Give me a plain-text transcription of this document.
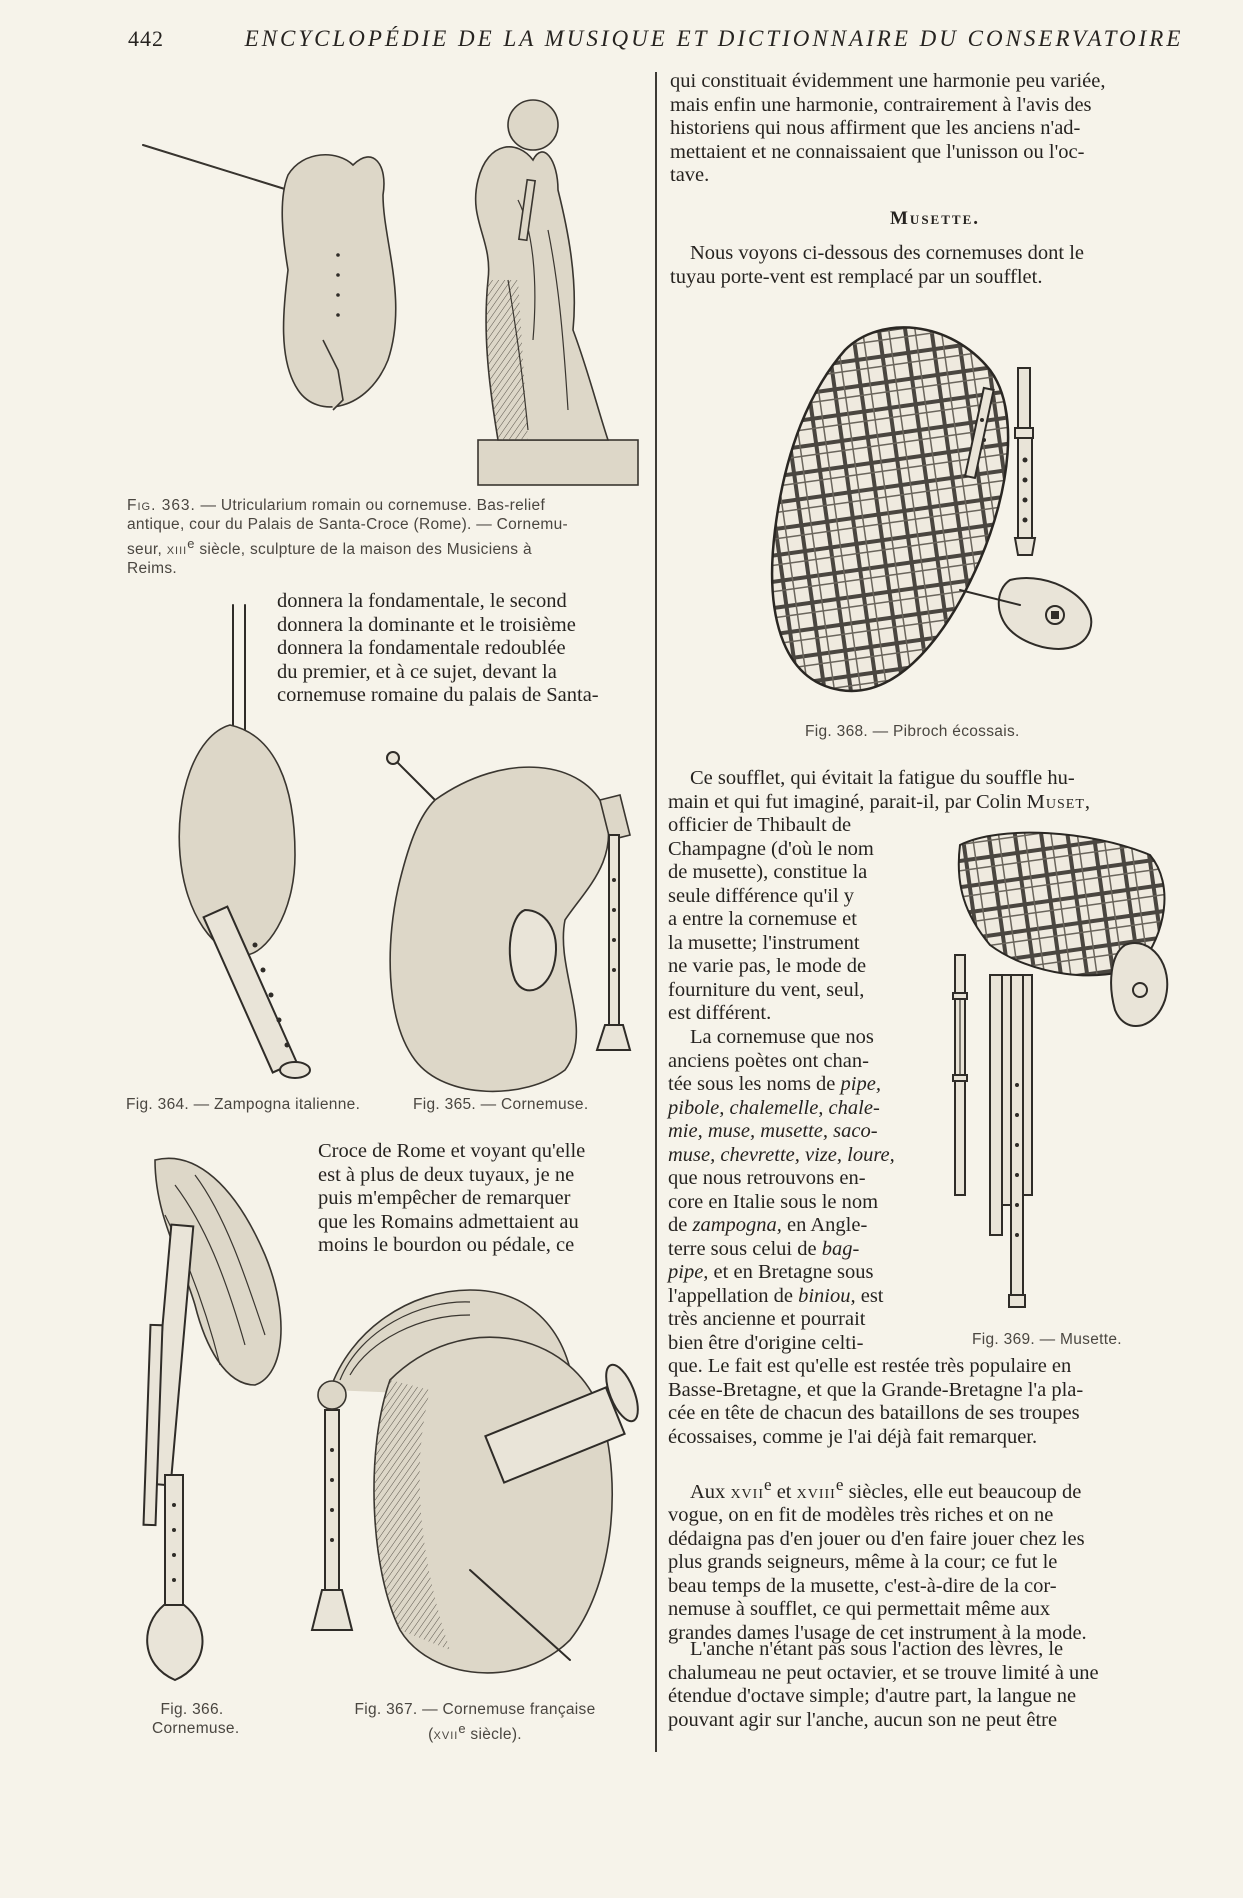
442	ENCYCLOPÉDIE DE LA MUSIQUE ET DICTIONNAIRE DU CONSERVATOIRE
qui constituait évidemment une harmonie peu variée,
mais enfin une harmonie, contrairement à l'avis des
historiens qui nous affirment que les anciens n'ad-
mettaient et ne connaissaient que l'unisson ou l'oc-
tave.
Musette.
Nous voyons ci-dessous des cornemuses dont le
tuyau porte-vent est remplacé par un soufflet.
Fig. 368. — Pibroch écossais.
Ce soufflet, qui évitait la fatigue du souffle hu-
main et qui fut imaginé, parait-il, par Colin Muset,
officier de Thibault de
Champagne (d'où le nom
de musette), constitue la
seule différence qu'il y
a entre la cornemuse et
la musette; l'instrument
ne varie pas, le mode de
fourniture du vent, seul,
est différent.
La cornemuse que nos
anciens poètes ont chan-
tée sous les noms de pipe,
pibole, chalemelle, chale-
mie, muse, musette, saco-
muse, chevrette, vize, loure,
que nous retrouvons en-
core en Italie sous le nom
de zampogna, en Angle-
terre sous celui de bag-
pipe, et en Bretagne sous
l'appellation de biniou, est
très ancienne et pourrait
bien être d'origine celti-	Fig. 369. — Musette.
que. Le fait est qu'elle est restée très populaire en
Basse-Bretagne, et que la Grande-Bretagne l'a pla-
cée en tête de chacun des bataillons de ses troupes
écossaises, comme je l'ai déjà fait remarquer.
Aux xvii$^e$ et xviii$^e$ siècles, elle eut beaucoup de
vogue, on en fit de modèles très riches et on ne
dédaigna pas d'en jouer ou d'en faire jouer chez les
plus grands seigneurs, même à la cour; ce fut le
beau temps de la musette, c'est-à-dire de la cor-
nemuse à soufflet, ce qui permettait même aux
grandes dames l'usage de cet instrument à la mode.
L'anche n'étant pas sous l'action des lèvres, le
chalumeau ne peut octavier, et se trouve limité à une
étendue d'octave simple; d'autre part, la langue ne
pouvant agir sur l'anche, aucun son ne peut être
Fig. 363. — Utricularium romain ou cornemuse. Bas-relief
antique, cour du Palais de Santa-Croce (Rome). — Cornemu-
seur, xiii$^e$ siècle, sculpture de la maison des Musiciens à
Reims.
donnera la fondamentale, le second
donnera la dominante et le troisième
donnera la fondamentale redoublée
du premier, et à ce sujet, devant la
cornemuse romaine du palais de Santa-
Fig. 364. — Zampogna italienne.	Fig. 365. — Cornemuse.
Croce de Rome et voyant qu'elle
est à plus de deux tuyaux, je ne
puis m'empêcher de remarquer
que les Romains admettaient au
moins le bourdon ou pédale, ce
Fig. 366.
Cornemuse.
Fig. 367. — Cornemuse française
(xvii$^e$ siècle).
